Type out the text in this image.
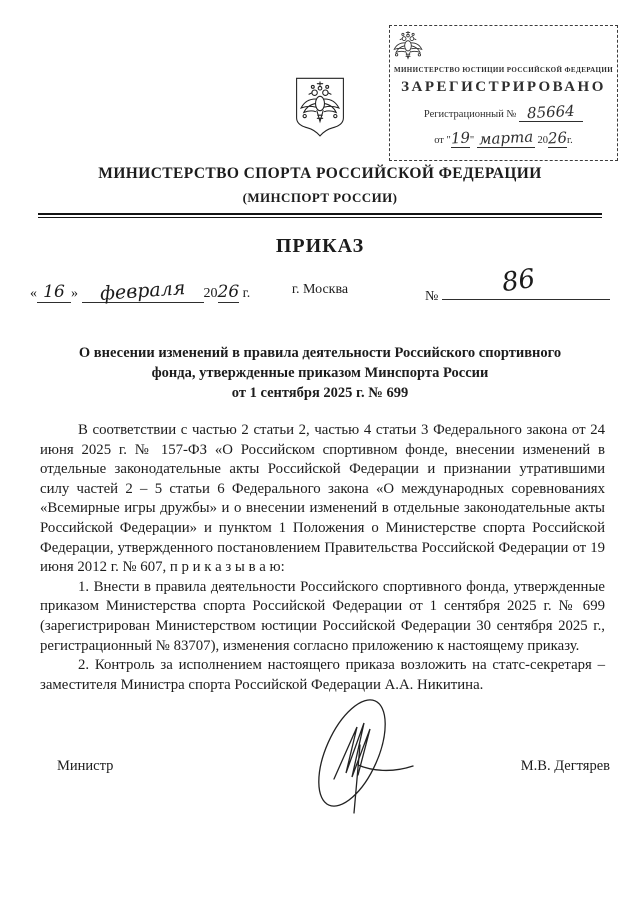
МИНИСТЕРСТВО ЮСТИЦИИ РОССИЙСКОЙ ФЕДЕРАЦИИ
ЗАРЕГИСТРИРОВАНО
Регистрационный № 85664
от "19" марта 2026г.
МИНИСТЕРСТВО СПОРТА РОССИЙСКОЙ ФЕДЕРАЦИИ
(МИНСПОРТ РОССИИ)
ПРИКАЗ
« 16 » февраля 2026 г.	г. Москва	№ 86
О внесении изменений в правила деятельности Российского спортивного
фонда, утвержденные приказом Минспорта России
от 1 сентября 2025 г. № 699

В соответствии с частью 2 статьи 2, частью 4 статьи 3 Федерального закона от 24 июня 2025 г. № 157-ФЗ «О Российском спортивном фонде, внесении изменений в отдельные законодательные акты Российской Федерации и признании утратившими силу частей 2 – 5 статьи 6 Федерального закона «О международных соревнованиях «Всемирные игры дружбы» и о внесении изменений в отдельные законодательные акты Российской Федерации» и пунктом 1 Положения о Министерстве спорта Российской Федерации, утвержденного постановлением Правительства Российской Федерации от 19 июня 2012 г. № 607, п р и к а з ы в а ю:

1. Внести в правила деятельности Российского спортивного фонда, утвержденные приказом Министерства спорта Российской Федерации от 1 сентября 2025 г. № 699 (зарегистрирован Министерством юстиции Российской Федерации 30 сентября 2025 г., регистрационный № 83707), изменения согласно приложению к настоящему приказу.

2. Контроль за исполнением настоящего приказа возложить на статс-секретаря – заместителя Министра спорта Российской Федерации А.А. Никитина.

Министр	М.В. Дегтярев
